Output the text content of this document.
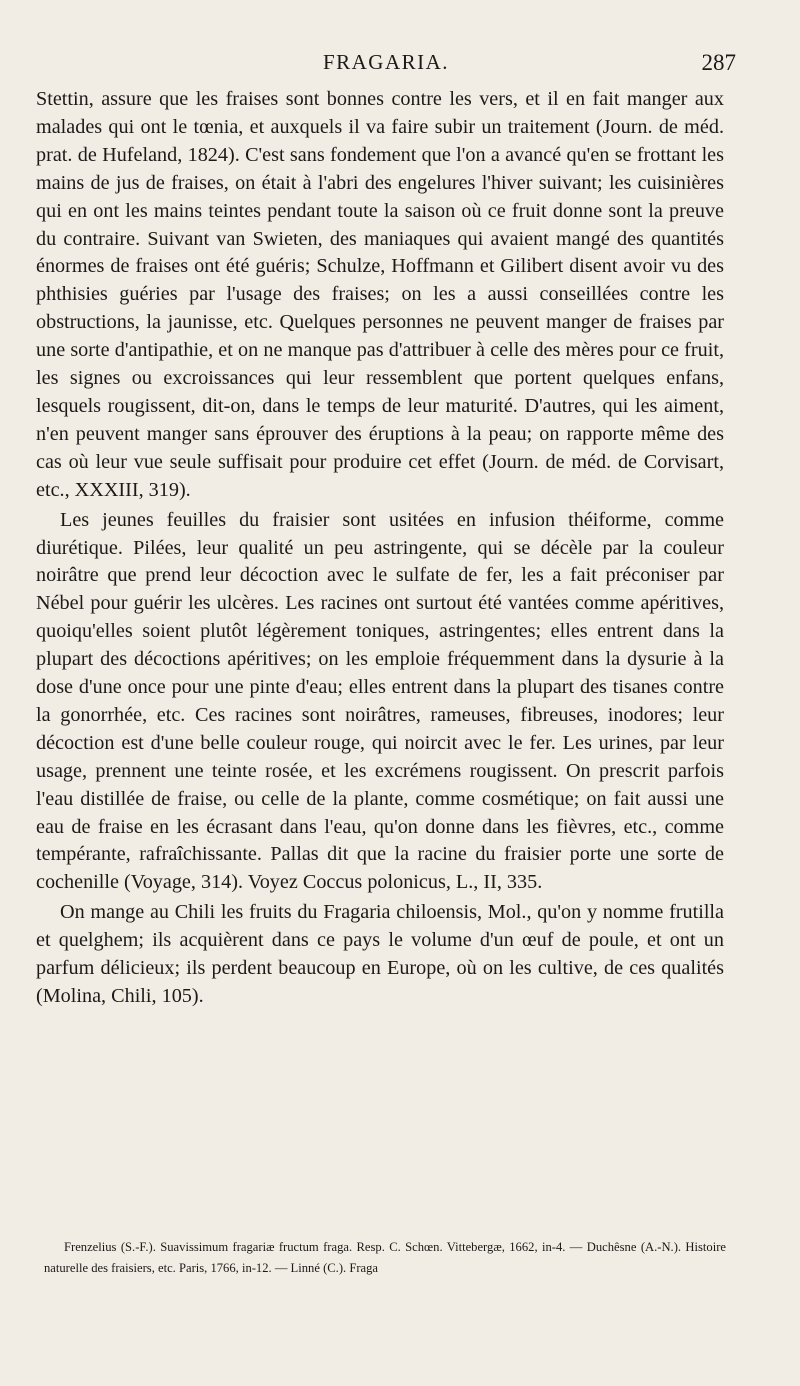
FRAGARIA.	287

Stettin, assure que les fraises sont bonnes contre les vers, et il en fait manger aux malades qui ont le tœnia, et auxquels il va faire subir un traitement (Journ. de méd. prat. de Hufeland, 1824). C'est sans fondement que l'on a avancé qu'en se frottant les mains de jus de fraises, on était à l'abri des engelures l'hiver suivant; les cuisinières qui en ont les mains teintes pendant toute la saison où ce fruit donne sont la preuve du contraire. Suivant van Swieten, des maniaques qui avaient mangé des quantités énormes de fraises ont été guéris; Schulze, Hoffmann et Gilibert disent avoir vu des phthisies guéries par l'usage des fraises; on les a aussi conseillées contre les obstructions, la jaunisse, etc. Quelques personnes ne peuvent manger de fraises par une sorte d'antipathie, et on ne manque pas d'attribuer à celle des mères pour ce fruit, les signes ou excroissances qui leur ressemblent que portent quelques enfans, lesquels rougissent, dit-on, dans le temps de leur maturité. D'autres, qui les aiment, n'en peuvent manger sans éprouver des éruptions à la peau; on rapporte même des cas où leur vue seule suffisait pour produire cet effet (Journ. de méd. de Corvisart, etc., XXXIII, 319).

Les jeunes feuilles du fraisier sont usitées en infusion théiforme, comme diurétique. Pilées, leur qualité un peu astringente, qui se décèle par la couleur noirâtre que prend leur décoction avec le sulfate de fer, les a fait préconiser par Nébel pour guérir les ulcères. Les racines ont surtout été vantées comme apéritives, quoiqu'elles soient plutôt légèrement toniques, astringentes; elles entrent dans la plupart des décoctions apéritives; on les emploie fréquemment dans la dysurie à la dose d'une once pour une pinte d'eau; elles entrent dans la plupart des tisanes contre la gonorrhée, etc. Ces racines sont noirâtres, rameuses, fibreuses, inodores; leur décoction est d'une belle couleur rouge, qui noircit avec le fer. Les urines, par leur usage, prennent une teinte rosée, et les excrémens rougissent. On prescrit parfois l'eau distillée de fraise, ou celle de la plante, comme cosmétique; on fait aussi une eau de fraise en les écrasant dans l'eau, qu'on donne dans les fièvres, etc., comme tempérante, rafraîchissante. Pallas dit que la racine du fraisier porte une sorte de cochenille (Voyage, 314). Voyez Coccus polonicus, L., II, 335.

On mange au Chili les fruits du Fragaria chiloensis, Mol., qu'on y nomme frutilla et quelghem; ils acquièrent dans ce pays le volume d'un œuf de poule, et ont un parfum délicieux; ils perdent beaucoup en Europe, où on les cultive, de ces qualités (Molina, Chili, 105).

Frenzelius (S.-F.). Suavissimum fragariæ fructum fraga. Resp. C. Schœn. Vittebergæ, 1662, in-4. — Duchêsne (A.-N.). Histoire naturelle des fraisiers, etc. Paris, 1766, in-12. — Linné (C.). Fraga
